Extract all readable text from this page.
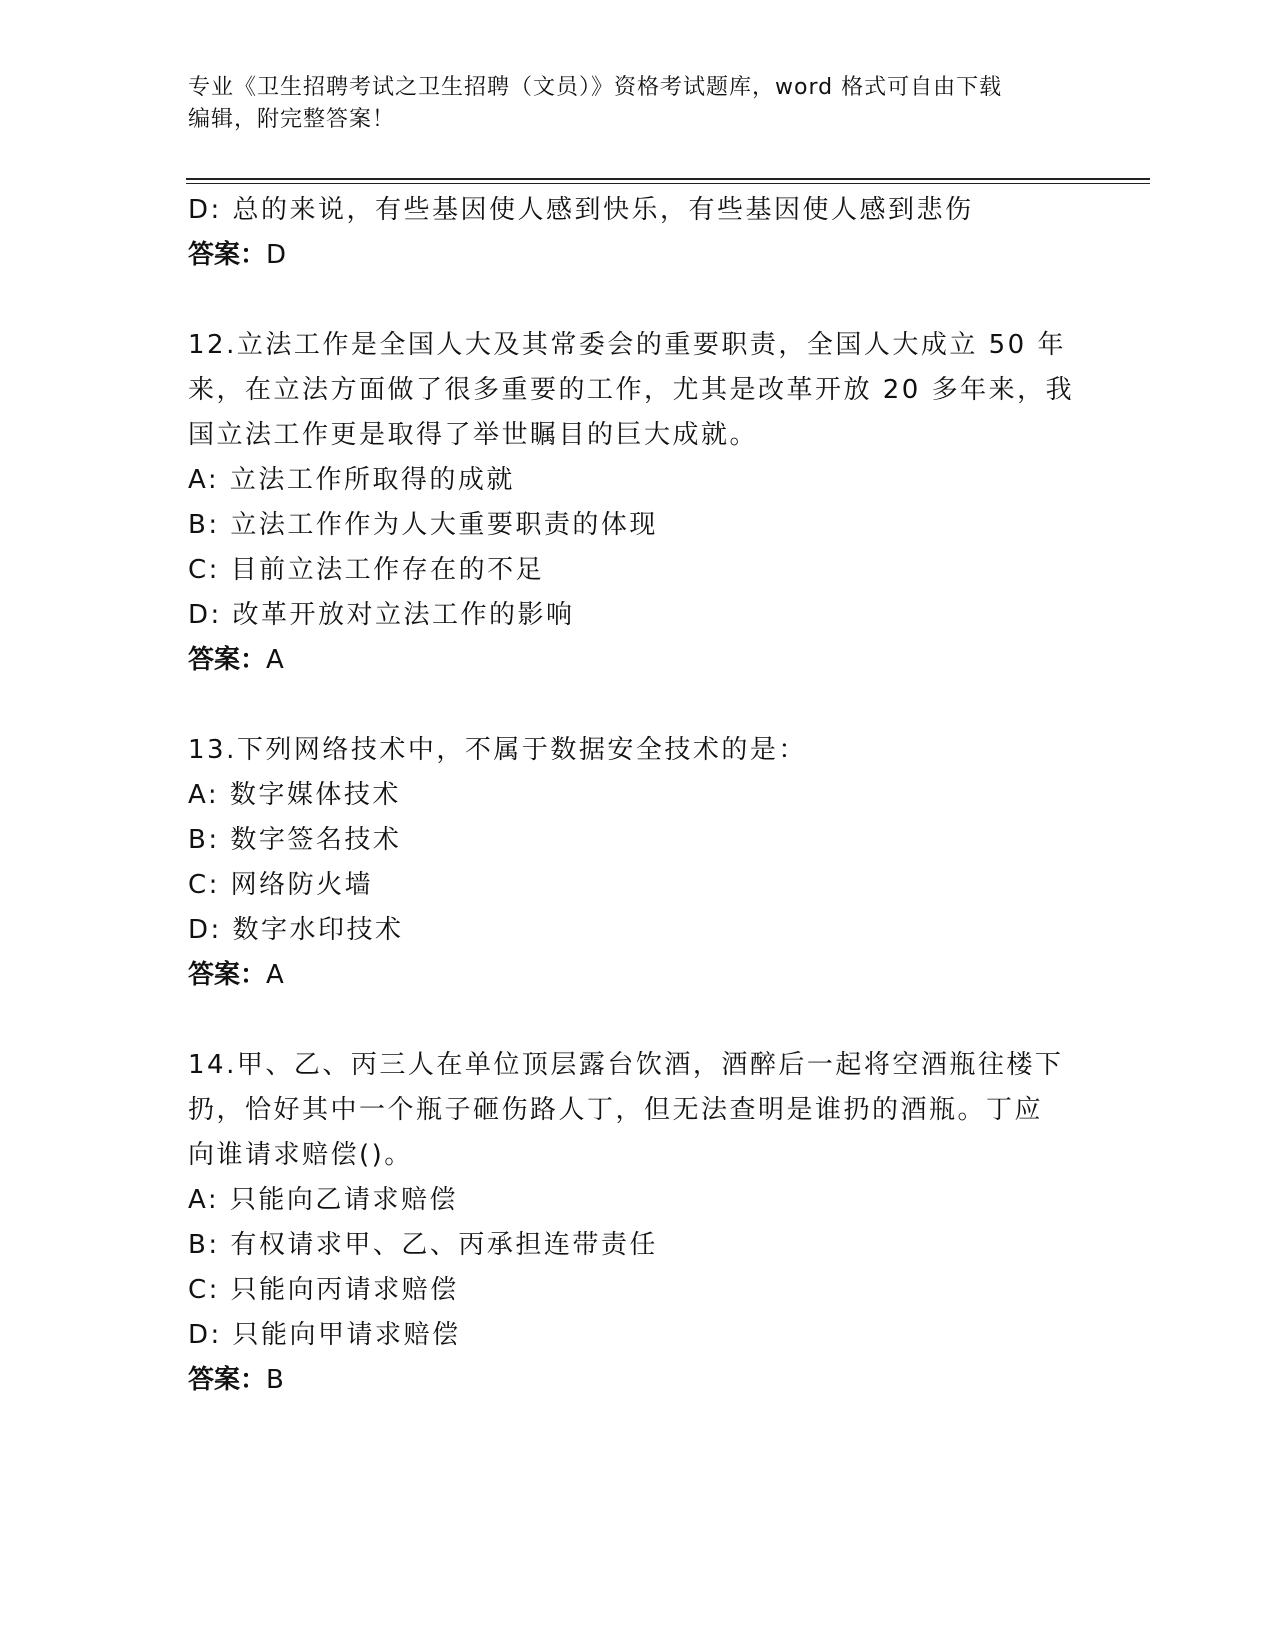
专业《卫生招聘考试之卫生招聘（文员）》资格考试题库，word 格式可自由下载
编辑，附完整答案！
D: 总的来说，有些基因使人感到快乐，有些基因使人感到悲伤
答案：D
12.立法工作是全国人大及其常委会的重要职责，全国人大成立 50 年
来，在立法方面做了很多重要的工作，尤其是改革开放 20 多年来，我
国立法工作更是取得了举世瞩目的巨大成就。
A: 立法工作所取得的成就
B: 立法工作作为人大重要职责的体现
C: 目前立法工作存在的不足
D: 改革开放对立法工作的影响
答案：A
13.下列网络技术中，不属于数据安全技术的是：
A: 数字媒体技术
B: 数字签名技术
C: 网络防火墙
D: 数字水印技术
答案：A
14.甲、乙、丙三人在单位顶层露台饮酒，酒醉后一起将空酒瓶往楼下
扔，恰好其中一个瓶子砸伤路人丁，但无法查明是谁扔的酒瓶。丁应
向谁请求赔偿()。
A: 只能向乙请求赔偿
B: 有权请求甲、乙、丙承担连带责任
C: 只能向丙请求赔偿
D: 只能向甲请求赔偿
答案：B
